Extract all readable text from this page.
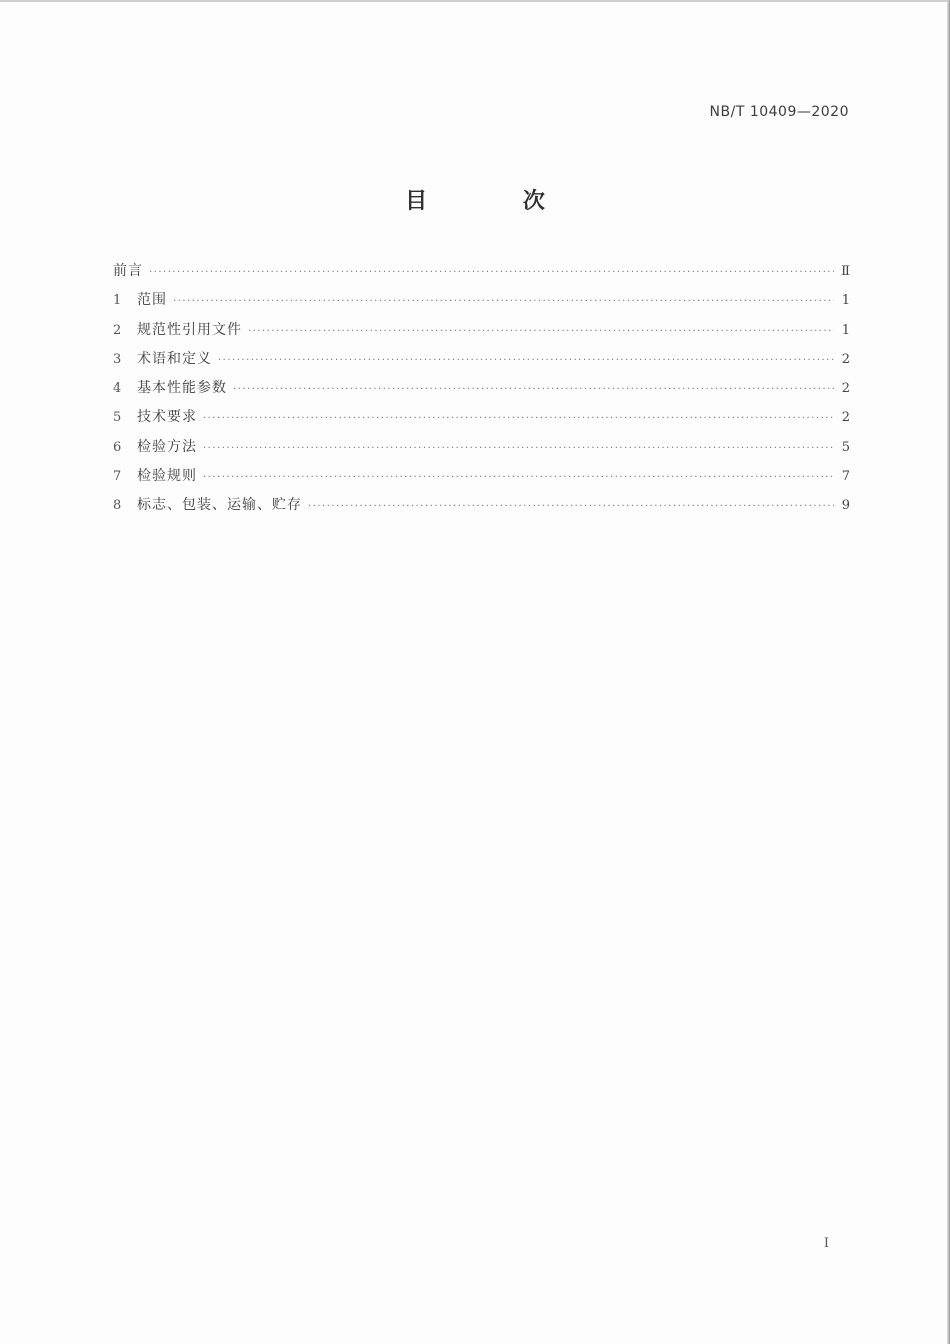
NB/T 10409—2020
目 次
前言 ·····	Ⅱ
1	范围 ·····	1
2	规范性引用文件 ·····	1
3	术语和定义 ·····	2
4	基本性能参数 ·····	2
5	技术要求 ·····	2
6	检验方法 ·····	5
7	检验规则 ·····	7
8	标志、包装、运输、贮存 ·····	9
I
